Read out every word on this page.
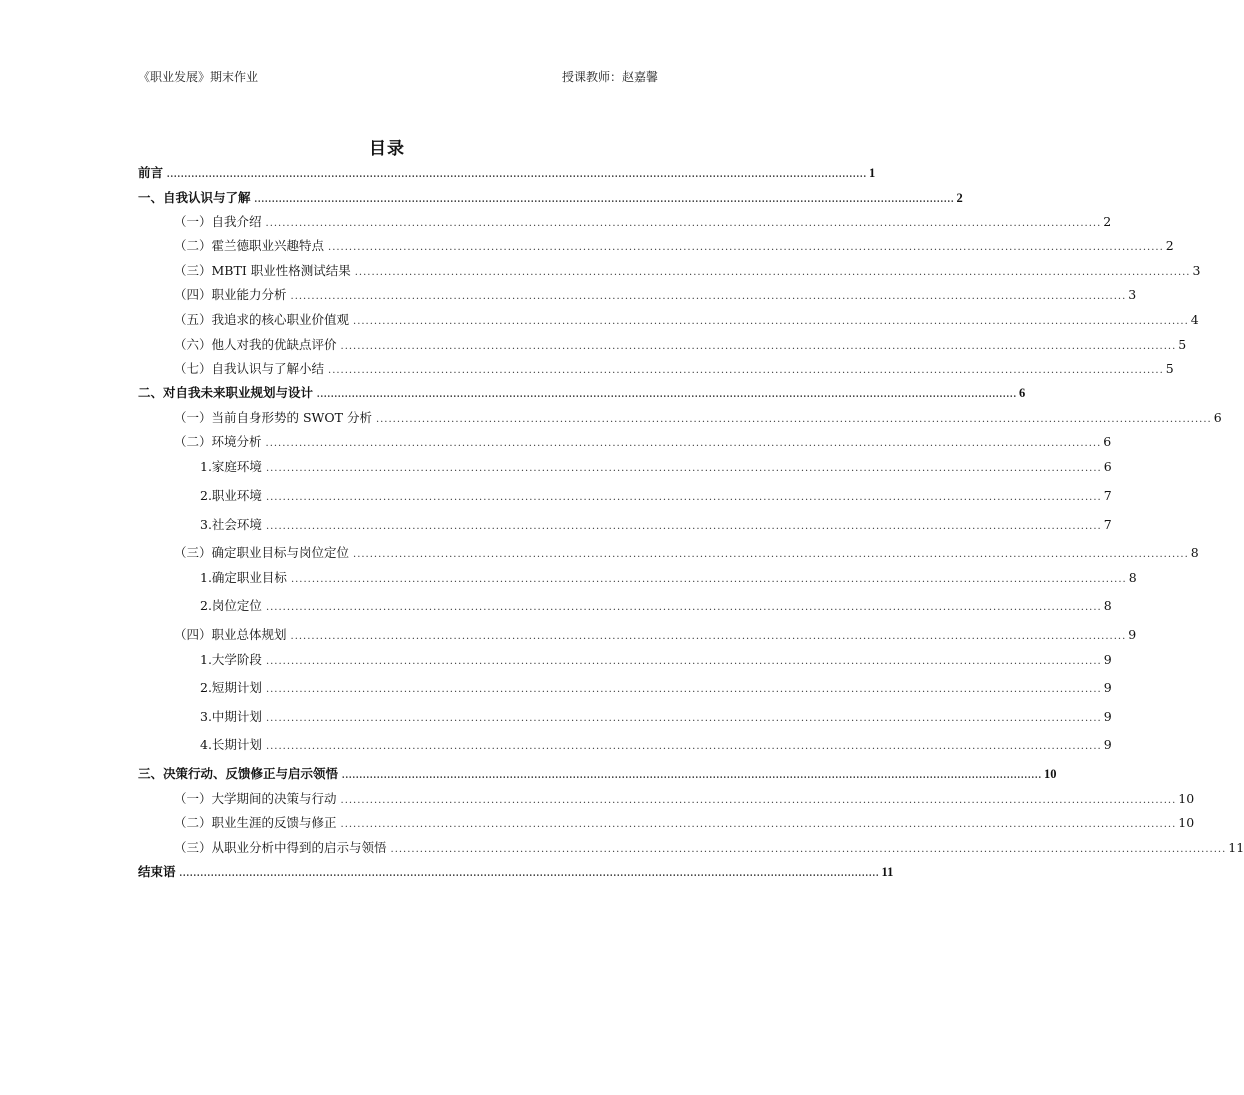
《职业发展》期末作业	授课教师：赵嘉馨
目录
前言 ........................................................................................................................................................................................................ 1
一、自我认识与了解 ........................................................................................................................................................................................................ 2
（一）自我介绍 ........................................................................................................................................................................................................ 2
（二）霍兰德职业兴趣特点 ........................................................................................................................................................................................................ 2
（三）MBTI 职业性格测试结果 ........................................................................................................................................................................................................ 3
（四）职业能力分析 ........................................................................................................................................................................................................ 3
（五）我追求的核心职业价值观 ........................................................................................................................................................................................................ 4
（六）他人对我的优缺点评价 ........................................................................................................................................................................................................ 5
（七）自我认识与了解小结 ........................................................................................................................................................................................................ 5
二、对自我未来职业规划与设计 ........................................................................................................................................................................................................ 6
（一）当前自身形势的 SWOT 分析 ........................................................................................................................................................................................................ 6
（二）环境分析 ........................................................................................................................................................................................................ 6
1.家庭环境 ........................................................................................................................................................................................................ 6
2.职业环境 ........................................................................................................................................................................................................ 7
3.社会环境 ........................................................................................................................................................................................................ 7
（三）确定职业目标与岗位定位 ........................................................................................................................................................................................................ 8
1.确定职业目标 ........................................................................................................................................................................................................ 8
2.岗位定位 ........................................................................................................................................................................................................ 8
（四）职业总体规划 ........................................................................................................................................................................................................ 9
1.大学阶段 ........................................................................................................................................................................................................ 9
2.短期计划 ........................................................................................................................................................................................................ 9
3.中期计划 ........................................................................................................................................................................................................ 9
4.长期计划 ........................................................................................................................................................................................................ 9
三、决策行动、反馈修正与启示领悟 ........................................................................................................................................................................................................ 10
（一）大学期间的决策与行动 ........................................................................................................................................................................................................ 10
（二）职业生涯的反馈与修正 ........................................................................................................................................................................................................ 10
（三）从职业分析中得到的启示与领悟 ........................................................................................................................................................................................................ 11
结束语 ........................................................................................................................................................................................................ 11
